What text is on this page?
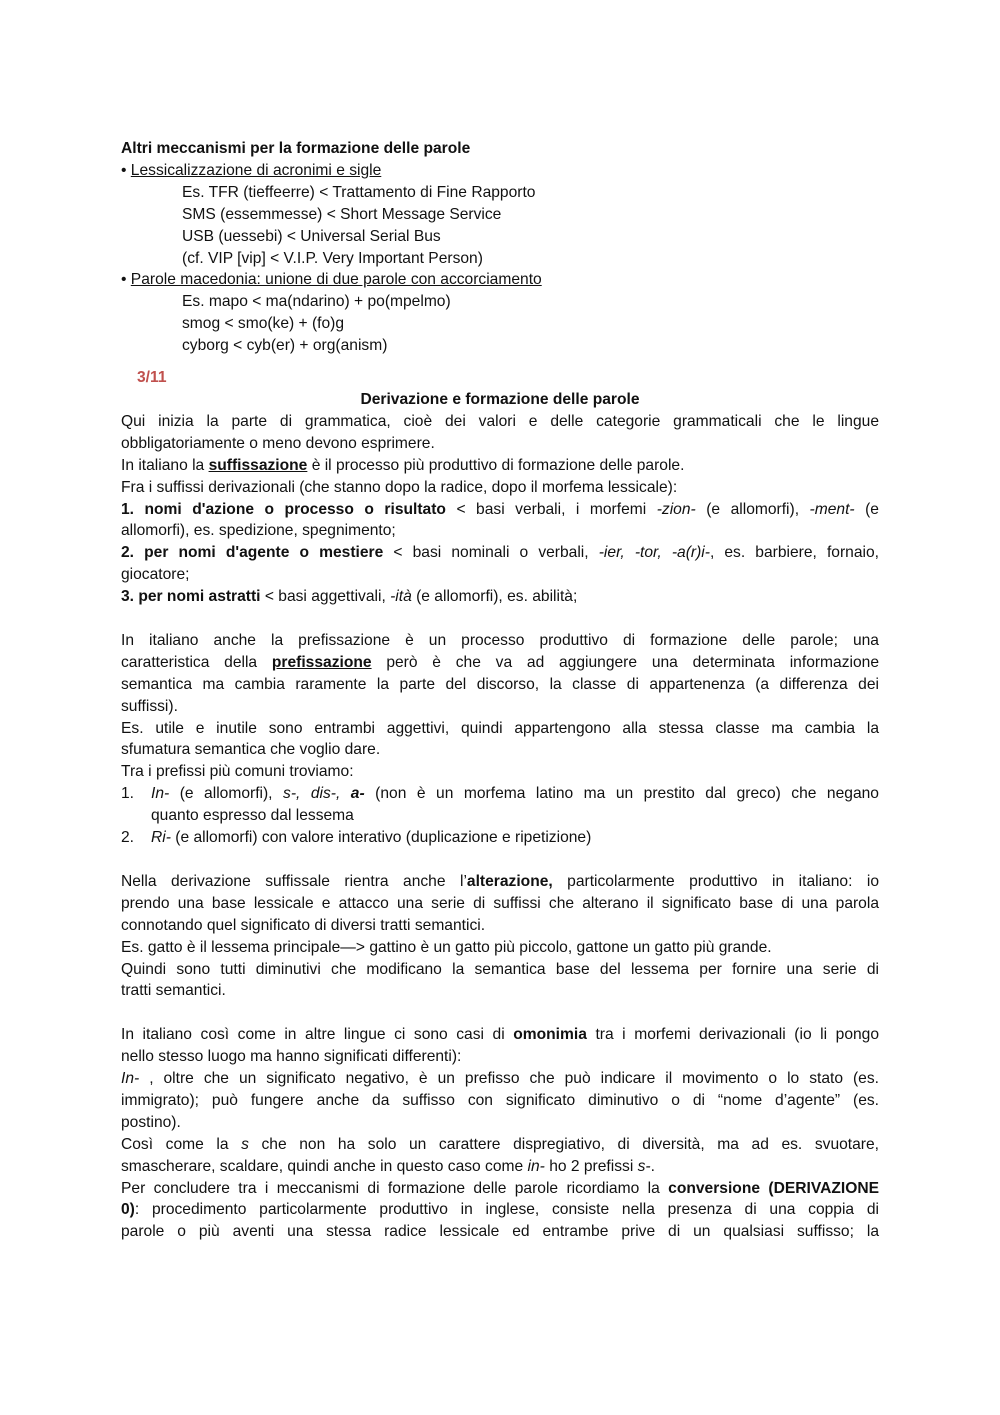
Altri meccanismi per la formazione delle parole
• Lessicalizzazione di acronimi e sigle
Es. TFR (tieffeerre) < Trattamento di Fine Rapporto
SMS (essemmesse) < Short Message Service
USB (uessebi) < Universal Serial Bus
(cf. VIP [vip] < V.I.P. Very Important Person)
• Parole macedonia: unione di due parole con accorciamento
Es. mapo < ma(ndarino) + po(mpelmo)
smog < smo(ke) + (fo)g
cyborg < cyb(er) + org(anism)
3/11
Derivazione e formazione delle parole
Qui inizia la parte di grammatica, cioè dei valori e delle categorie grammaticali che le lingue
obbligatoriamente o meno devono esprimere.
In italiano la suffissazione è il processo più produttivo di formazione delle parole.
Fra i suffissi derivazionali (che stanno dopo la radice, dopo il morfema lessicale):
1. nomi d'azione o processo o risultato < basi verbali, i morfemi -zion- (e allomorfi), -ment- (e
allomorfi), es. spedizione, spegnimento;
2. per nomi d'agente o mestiere < basi nominali o verbali, -ier, -tor, -a(r)i-, es. barbiere, fornaio,
giocatore;
3. per nomi astratti < basi aggettivali, -ità (e allomorfi), es. abilità;
In italiano anche la prefissazione è un processo produttivo di formazione delle parole; una
caratteristica della prefissazione però è che va ad aggiungere una determinata informazione
semantica ma cambia raramente la parte del discorso, la classe di appartenenza (a differenza dei
suffissi).
Es. utile e inutile sono entrambi aggettivi, quindi appartengono alla stessa classe ma cambia la
sfumatura semantica che voglio dare.
Tra i prefissi più comuni troviamo:
1. In- (e allomorfi), s-, dis-, a- (non è un morfema latino ma un prestito dal greco) che negano
quanto espresso dal lessema
2. Ri- (e allomorfi) con valore interativo (duplicazione e ripetizione)
Nella derivazione suffissale rientra anche l’alterazione, particolarmente produttivo in italiano: io
prendo una base lessicale e attacco una serie di suffissi che alterano il significato base di una parola
connotando quel significato di diversi tratti semantici.
Es. gatto è il lessema principale—> gattino è un gatto più piccolo, gattone un gatto più grande.
Quindi sono tutti diminutivi che modificano la semantica base del lessema per fornire una serie di
tratti semantici.
In italiano così come in altre lingue ci sono casi di omonimia tra i morfemi derivazionali (io li pongo
nello stesso luogo ma hanno significati differenti):
In- , oltre che un significato negativo, è un prefisso che può indicare il movimento o lo stato (es.
immigrato); può fungere anche da suffisso con significato diminutivo o di “nome d’agente” (es.
postino).
Così come la s che non ha solo un carattere dispregiativo, di diversità, ma ad es. svuotare,
smascherare, scaldare, quindi anche in questo caso come in- ho 2 prefissi s-.
Per concludere tra i meccanismi di formazione delle parole ricordiamo la conversione (DERIVAZIONE
0): procedimento particolarmente produttivo in inglese, consiste nella presenza di una coppia di
parole o più aventi una stessa radice lessicale ed entrambe prive di un qualsiasi suffisso; la
